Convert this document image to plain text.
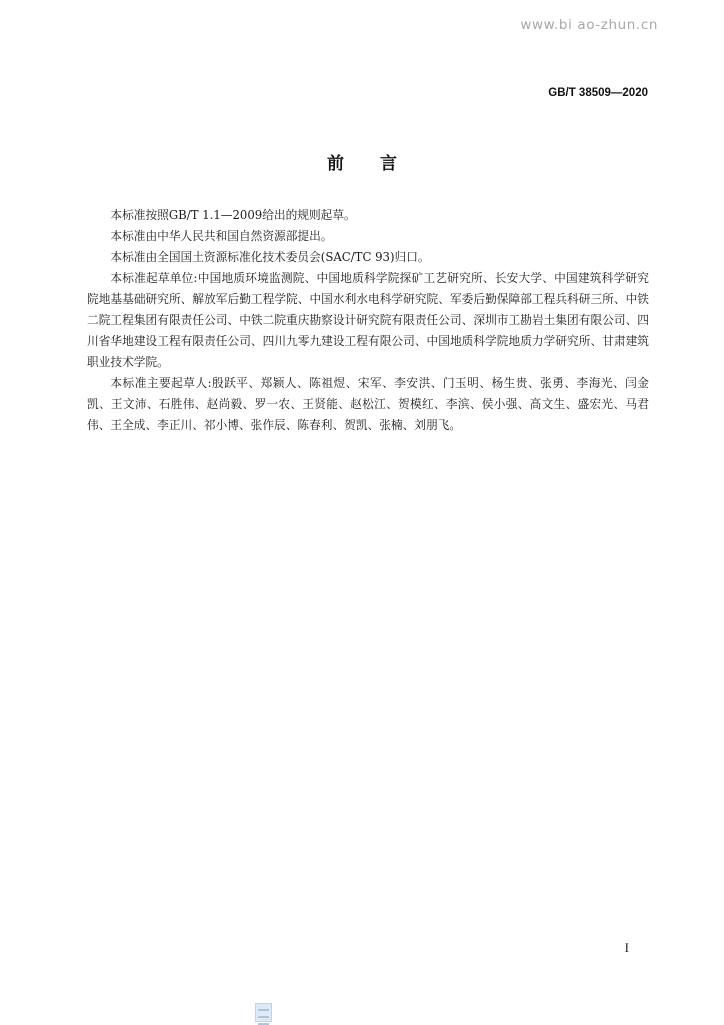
www.bi ao-zhun.cn
GB/T 38509—2020
前言

本标准按照GB/T 1.1—2009给出的规则起草。

本标准由中华人民共和国自然资源部提出。

本标准由全国国土资源标准化技术委员会(SAC/TC 93)归口。

本标准起草单位:中国地质环境监测院、中国地质科学院探矿工艺研究所、长安大学、中国建筑科学研究院地基基础研究所、解放军后勤工程学院、中国水利水电科学研究院、军委后勤保障部工程兵科研三所、中铁二院工程集团有限责任公司、中铁二院重庆勘察设计研究院有限责任公司、深圳市工勘岩土集团有限公司、四川省华地建设工程有限责任公司、四川九零九建设工程有限公司、中国地质科学院地质力学研究所、甘肃建筑职业技术学院。

本标准主要起草人:殷跃平、郑颖人、陈祖煜、宋军、李安洪、门玉明、杨生贵、张勇、李海光、闫金凯、王文沛、石胜伟、赵尚毅、罗一农、王贤能、赵松江、贺模红、李滨、侯小强、高文生、盛宏光、马君伟、王全成、李正川、祁小博、张作辰、陈春利、贺凯、张楠、刘朋飞。

I
